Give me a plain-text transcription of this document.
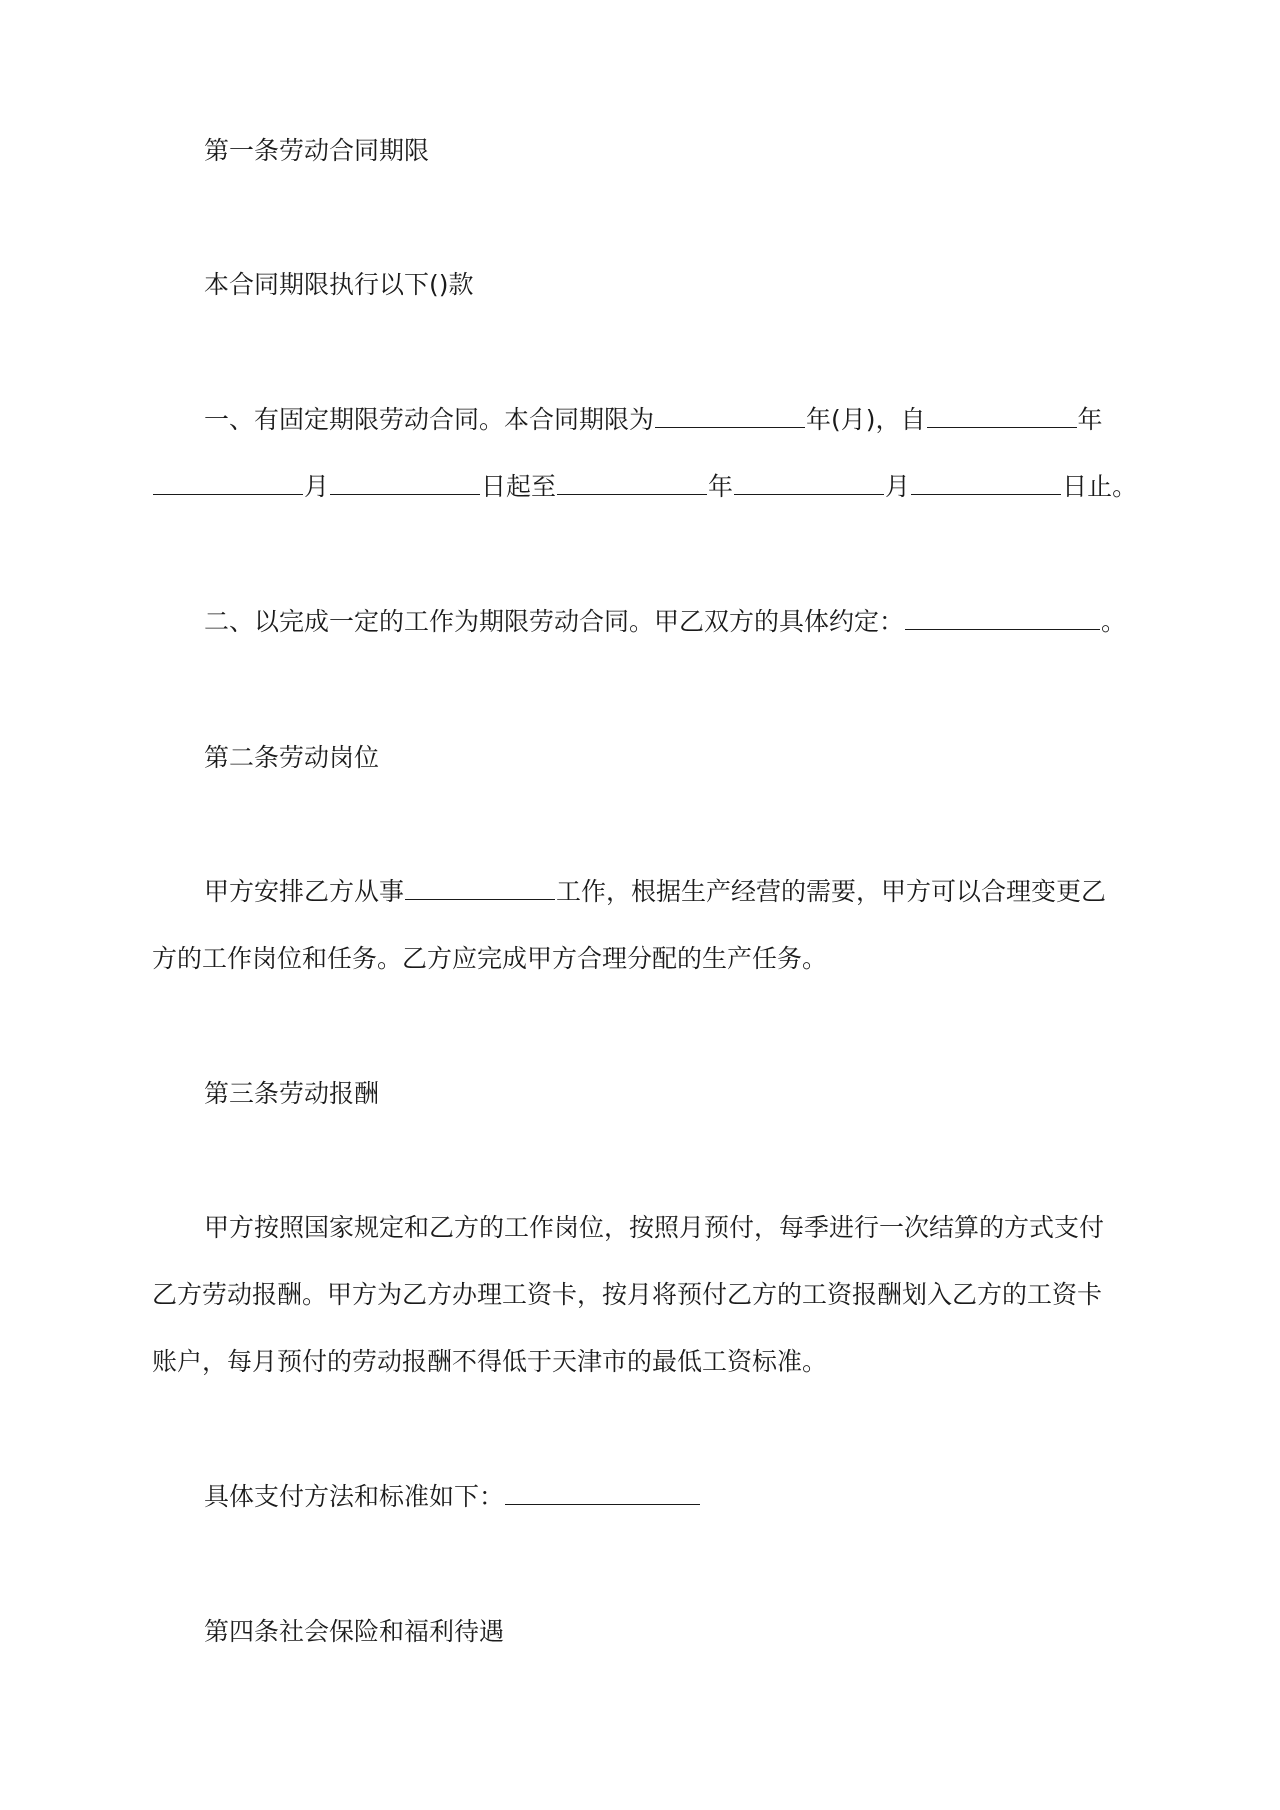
第一条劳动合同期限
本合同期限执行以下()款
一、有固定期限劳动合同。本合同期限为	年(月)，自	年
月	日起至	年	月	日止。
二、以完成一定的工作为期限劳动合同。甲乙双方的具体约定：	。
第二条劳动岗位
甲方安排乙方从事	工作，根据生产经营的需要，甲方可以合理变更乙
方的工作岗位和任务。乙方应完成甲方合理分配的生产任务。
第三条劳动报酬
甲方按照国家规定和乙方的工作岗位，按照月预付，每季进行一次结算的方式支付
乙方劳动报酬。甲方为乙方办理工资卡，按月将预付乙方的工资报酬划入乙方的工资卡
账户，每月预付的劳动报酬不得低于天津市的最低工资标准。
具体支付方法和标准如下：
第四条社会保险和福利待遇
